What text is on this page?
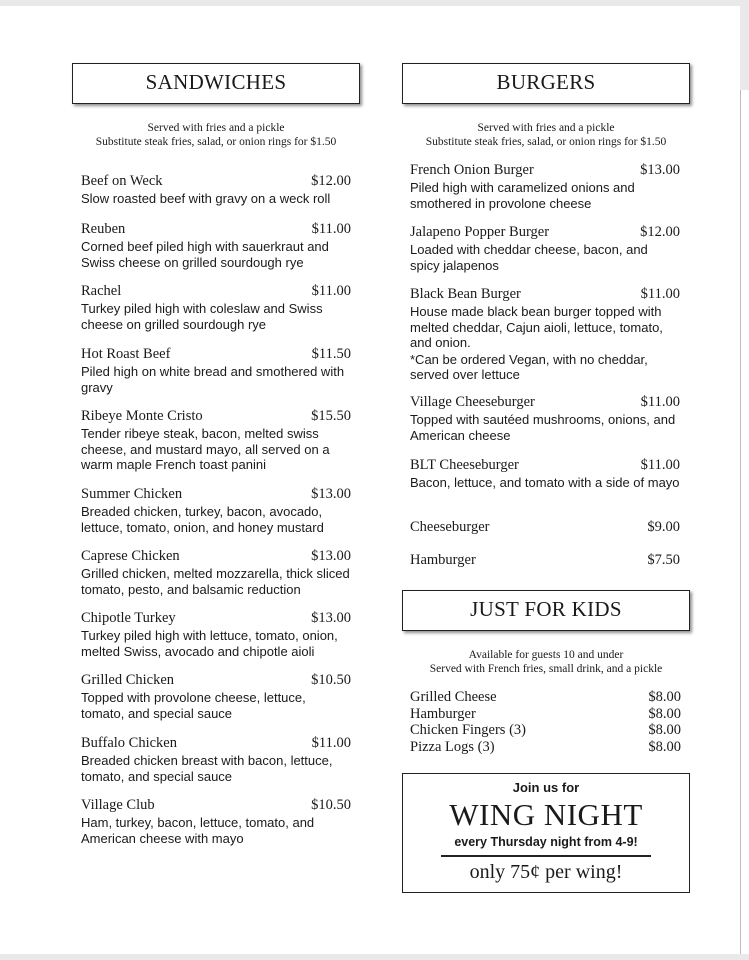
SANDWICHES
Served with fries and a pickle
Substitute steak fries, salad, or onion rings for $1.50
Beef on Weck	$12.00
Slow roasted beef with gravy on a weck roll
Reuben	$11.00
Corned beef piled high with sauerkraut and Swiss cheese on grilled sourdough rye
Rachel	$11.00
Turkey piled high with coleslaw and Swiss cheese on grilled sourdough rye
Hot Roast Beef	$11.50
Piled high on white bread and smothered with gravy
Ribeye Monte Cristo	$15.50
Tender ribeye steak, bacon, melted swiss cheese, and mustard mayo, all served on a warm maple French toast panini
Summer Chicken	$13.00
Breaded chicken, turkey, bacon, avocado, lettuce, tomato, onion, and honey mustard
Caprese Chicken	$13.00
Grilled chicken, melted mozzarella, thick sliced tomato, pesto, and balsamic reduction
Chipotle Turkey	$13.00
Turkey piled high with lettuce, tomato, onion, melted Swiss, avocado and chipotle aioli
Grilled Chicken	$10.50
Topped with provolone cheese, lettuce, tomato, and special sauce
Buffalo Chicken	$11.00
Breaded chicken breast with bacon, lettuce, tomato, and special sauce
Village Club	$10.50
Ham, turkey, bacon, lettuce, tomato, and American cheese with mayo
BURGERS
Served with fries and a pickle
Substitute steak fries, salad, or onion rings for $1.50
French Onion Burger	$13.00
Piled high with caramelized onions and smothered in provolone cheese
Jalapeno Popper Burger	$12.00
Loaded with cheddar cheese, bacon, and spicy jalapenos
Black Bean Burger	$11.00
House made black bean burger topped with melted cheddar, Cajun aioli, lettuce, tomato, and onion.
*Can be ordered Vegan, with no cheddar, served over lettuce
Village Cheeseburger	$11.00
Topped with sautéed mushrooms, onions, and American cheese
BLT Cheeseburger	$11.00
Bacon, lettuce, and tomato with a side of mayo
Cheeseburger	$9.00
Hamburger	$7.50
JUST FOR KIDS
Available for guests 10 and under
Served with French fries, small drink, and a pickle
Grilled Cheese	$8.00
Hamburger	$8.00
Chicken Fingers (3)	$8.00
Pizza Logs (3)	$8.00
Join us for
WING NIGHT
every Thursday night from 4-9!
only 75¢ per wing!
